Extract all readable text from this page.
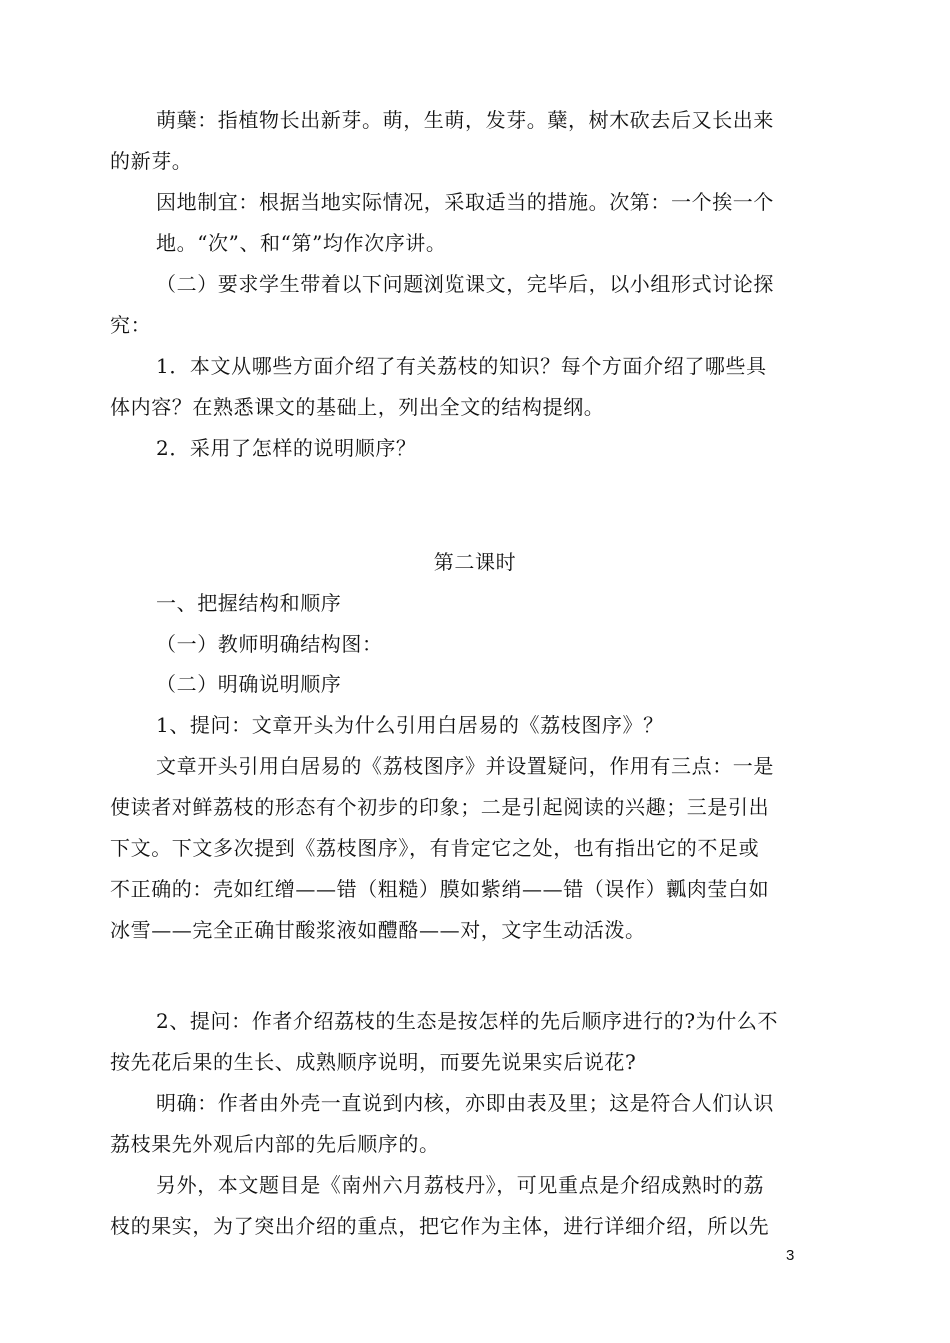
萌蘖：指植物长出新芽。萌，生萌，发芽。蘖，树木砍去后又长出来
的新芽。
因地制宜：根据当地实际情况，采取适当的措施。次第：一个挨一个
地。“次”、和“第”均作次序讲。
（二）要求学生带着以下问题浏览课文，完毕后，以小组形式讨论探
究：
1．本文从哪些方面介绍了有关荔枝的知识？每个方面介绍了哪些具
体内容？在熟悉课文的基础上，列出全文的结构提纲。
2．采用了怎样的说明顺序？
第二课时
一、把握结构和顺序
（一）教师明确结构图：
（二）明确说明顺序
1、提问：文章开头为什么引用白居易的《荔枝图序》？
文章开头引用白居易的《荔枝图序》并设置疑问，作用有三点：一是
使读者对鲜荔枝的形态有个初步的印象；二是引起阅读的兴趣；三是引出
下文。下文多次提到《荔枝图序》，有肯定它之处，也有指出它的不足或
不正确的：壳如红缯——错（粗糙）膜如紫绡——错（误作）瓤肉莹白如
冰雪——完全正确甘酸浆液如醴酪——对，文字生动活泼。
2、提问：作者介绍荔枝的生态是按怎样的先后顺序进行的?为什么不
按先花后果的生长、成熟顺序说明，而要先说果实后说花?
明确：作者由外壳一直说到内核，亦即由表及里；这是符合人们认识
荔枝果先外观后内部的先后顺序的。
另外，本文题目是《南州六月荔枝丹》，可见重点是介绍成熟时的荔
枝的果实，为了突出介绍的重点，把它作为主体，进行详细介绍，所以先
3
